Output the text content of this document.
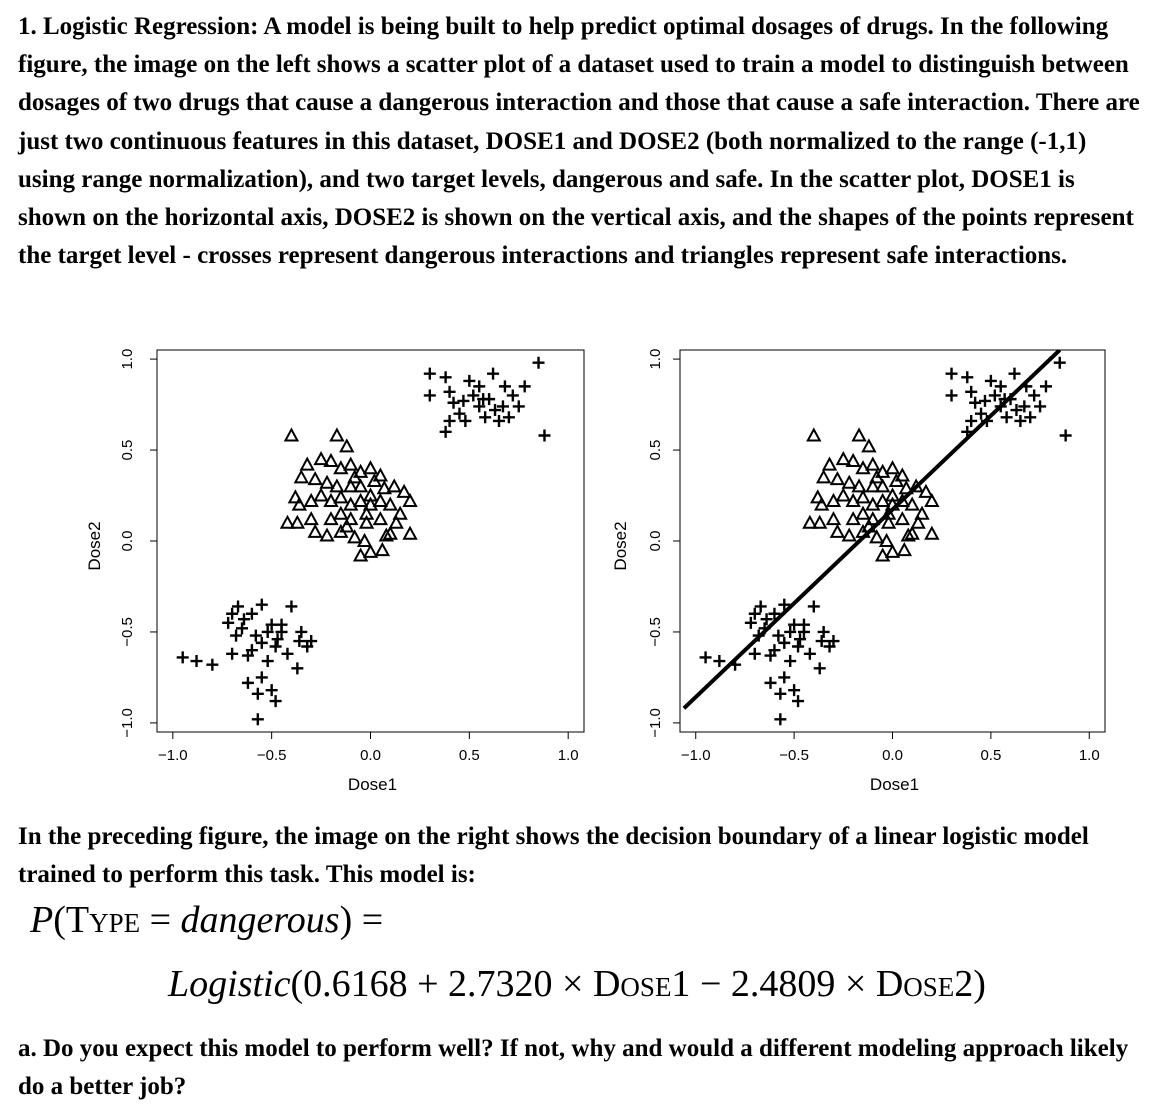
1. Logistic Regression: A model is being built to help predict optimal dosages of drugs. In the following figure, the image on the left shows a scatter plot of a dataset used to train a model to distinguish between dosages of two drugs that cause a dangerous interaction and those that cause a safe interaction. There are just two continuous features in this dataset, DOSE1 and DOSE2 (both normalized to the range (-1,1) using range normalization), and two target levels, dangerous and safe. In the scatter plot, DOSE1 is shown on the horizontal axis, DOSE2 is shown on the vertical axis, and the shapes of the points represent the target level - crosses represent dangerous interactions and triangles represent safe interactions.

−1.0	−0.5	0.0	0.5	1.0
−1.0
−0.5
0.0
0.5
1.0
Dose1
Dose2
−1.0	−0.5	0.0	0.5	1.0
−1.0
−0.5
0.0
0.5
1.0
Dose1
Dose2

In the preceding figure, the image on the right shows the decision boundary of a linear logistic model trained to perform this task. This model is:

P(Type = dangerous) =
Logistic(0.6168 + 2.7320 × Dose1 − 2.4809 × Dose2)

a. Do you expect this model to perform well? If not, why and would a different modeling approach likely do a better job?
